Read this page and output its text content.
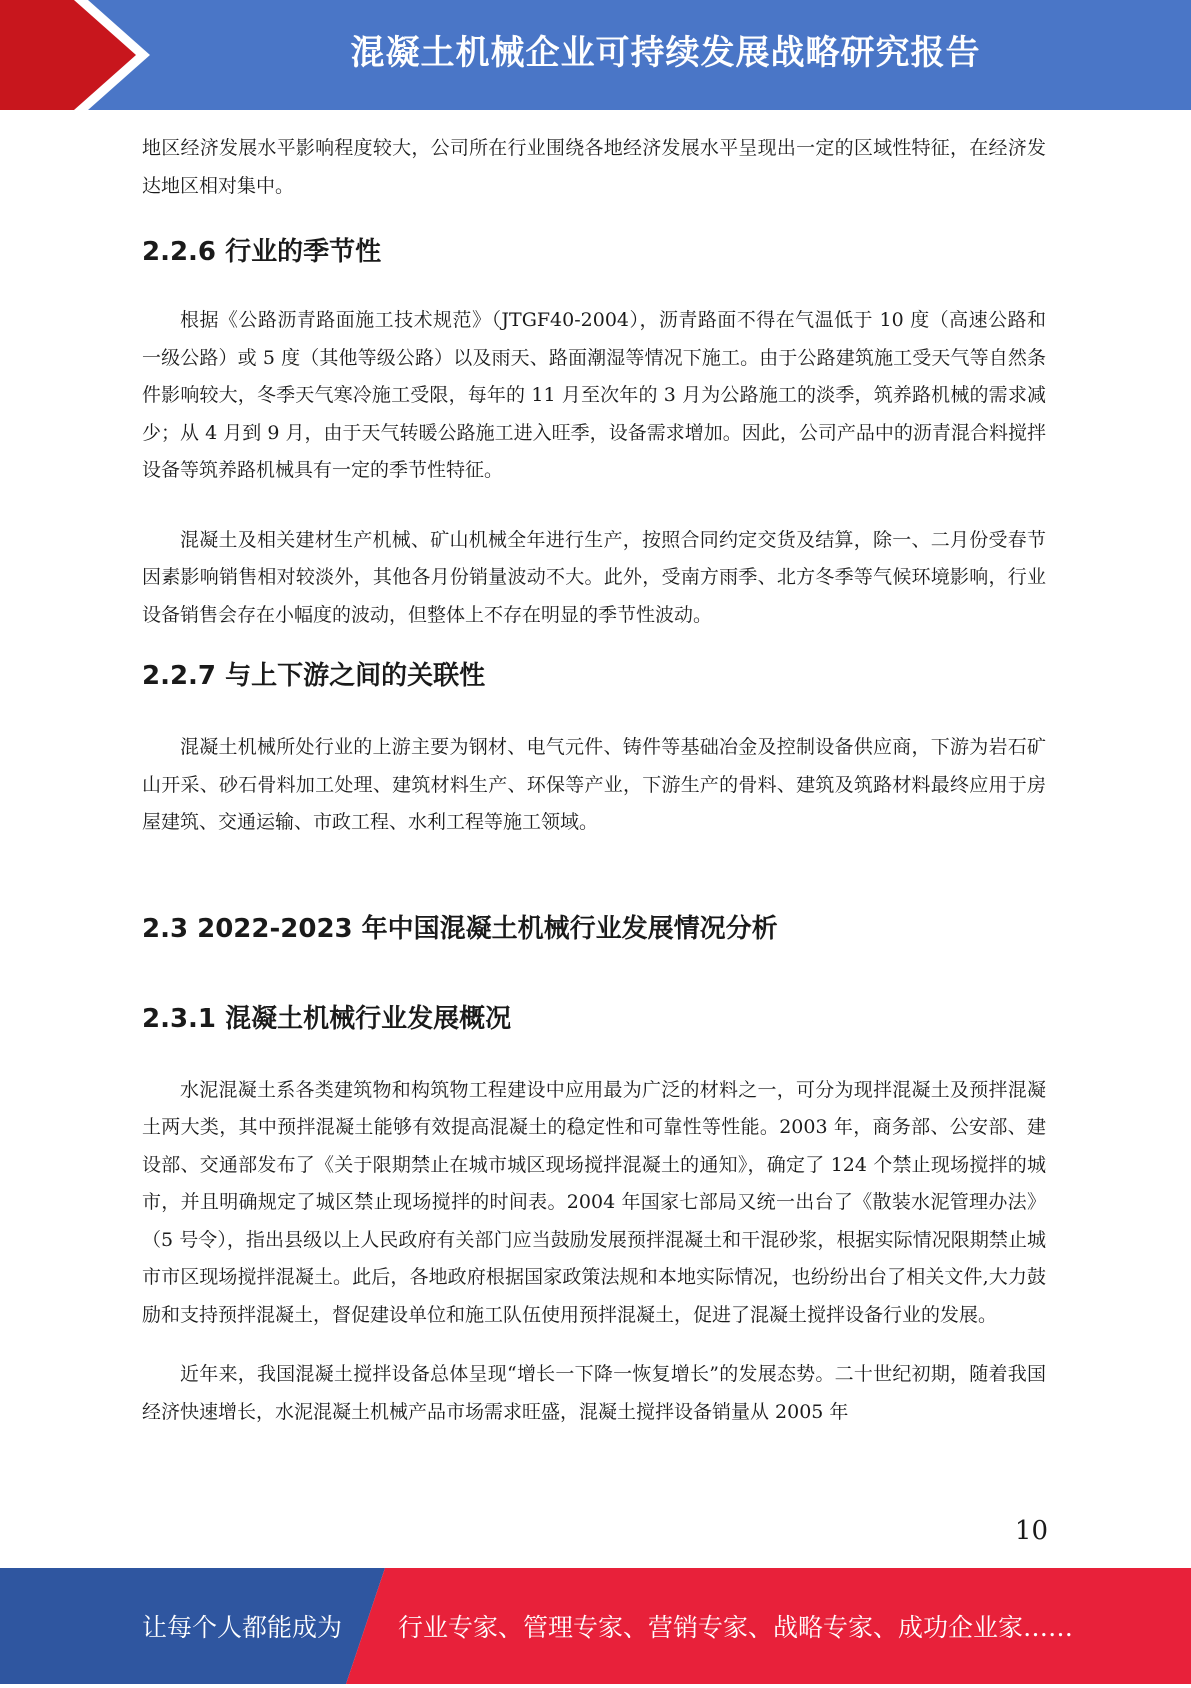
混凝土机械企业可持续发展战略研究报告

地区经济发展水平影响程度较大，公司所在行业围绕各地经济发展水平呈现出一定的区域性特征，在经济发达地区相对集中。

2.2.6 行业的季节性

根据《公路沥青路面施工技术规范》（JTGF40-2004），沥青路面不得在气温低于 10 度（高速公路和一级公路）或 5 度（其他等级公路）以及雨天、路面潮湿等情况下施工。由于公路建筑施工受天气等自然条件影响较大，冬季天气寒冷施工受限，每年的 11 月至次年的 3 月为公路施工的淡季，筑养路机械的需求减少；从 4 月到 9 月，由于天气转暖公路施工进入旺季，设备需求增加。因此，公司产品中的沥青混合料搅拌设备等筑养路机械具有一定的季节性特征。

混凝土及相关建材生产机械、矿山机械全年进行生产，按照合同约定交货及结算，除一、二月份受春节因素影响销售相对较淡外，其他各月份销量波动不大。此外，受南方雨季、北方冬季等气候环境影响，行业设备销售会存在小幅度的波动，但整体上不存在明显的季节性波动。

2.2.7 与上下游之间的关联性

混凝土机械所处行业的上游主要为钢材、电气元件、铸件等基础冶金及控制设备供应商，下游为岩石矿山开采、砂石骨料加工处理、建筑材料生产、环保等产业，下游生产的骨料、建筑及筑路材料最终应用于房屋建筑、交通运输、市政工程、水利工程等施工领域。

2.3 2022-2023 年中国混凝土机械行业发展情况分析
2.3.1 混凝土机械行业发展概况

水泥混凝土系各类建筑物和构筑物工程建设中应用最为广泛的材料之一，可分为现拌混凝土及预拌混凝土两大类，其中预拌混凝土能够有效提高混凝土的稳定性和可靠性等性能。2003 年，商务部、公安部、建设部、交通部发布了《关于限期禁止在城市城区现场搅拌混凝土的通知》，确定了 124 个禁止现场搅拌的城市，并且明确规定了城区禁止现场搅拌的时间表。2004 年国家七部局又统一出台了《散装水泥管理办法》（5 号令），指出县级以上人民政府有关部门应当鼓励发展预拌混凝土和干混砂浆，根据实际情况限期禁止城市市区现场搅拌混凝土。此后，各地政府根据国家政策法规和本地实际情况，也纷纷出台了相关文件,大力鼓励和支持预拌混凝土，督促建设单位和施工队伍使用预拌混凝土，促进了混凝土搅拌设备行业的发展。

近年来，我国混凝土搅拌设备总体呈现“增长一下降一恢复增长”的发展态势。二十世纪初期，随着我国经济快速增长，水泥混凝土机械产品市场需求旺盛，混凝土搅拌设备销量从 2005 年

10
让每个人都能成为 行业专家、管理专家、营销专家、战略专家、成功企业家……
